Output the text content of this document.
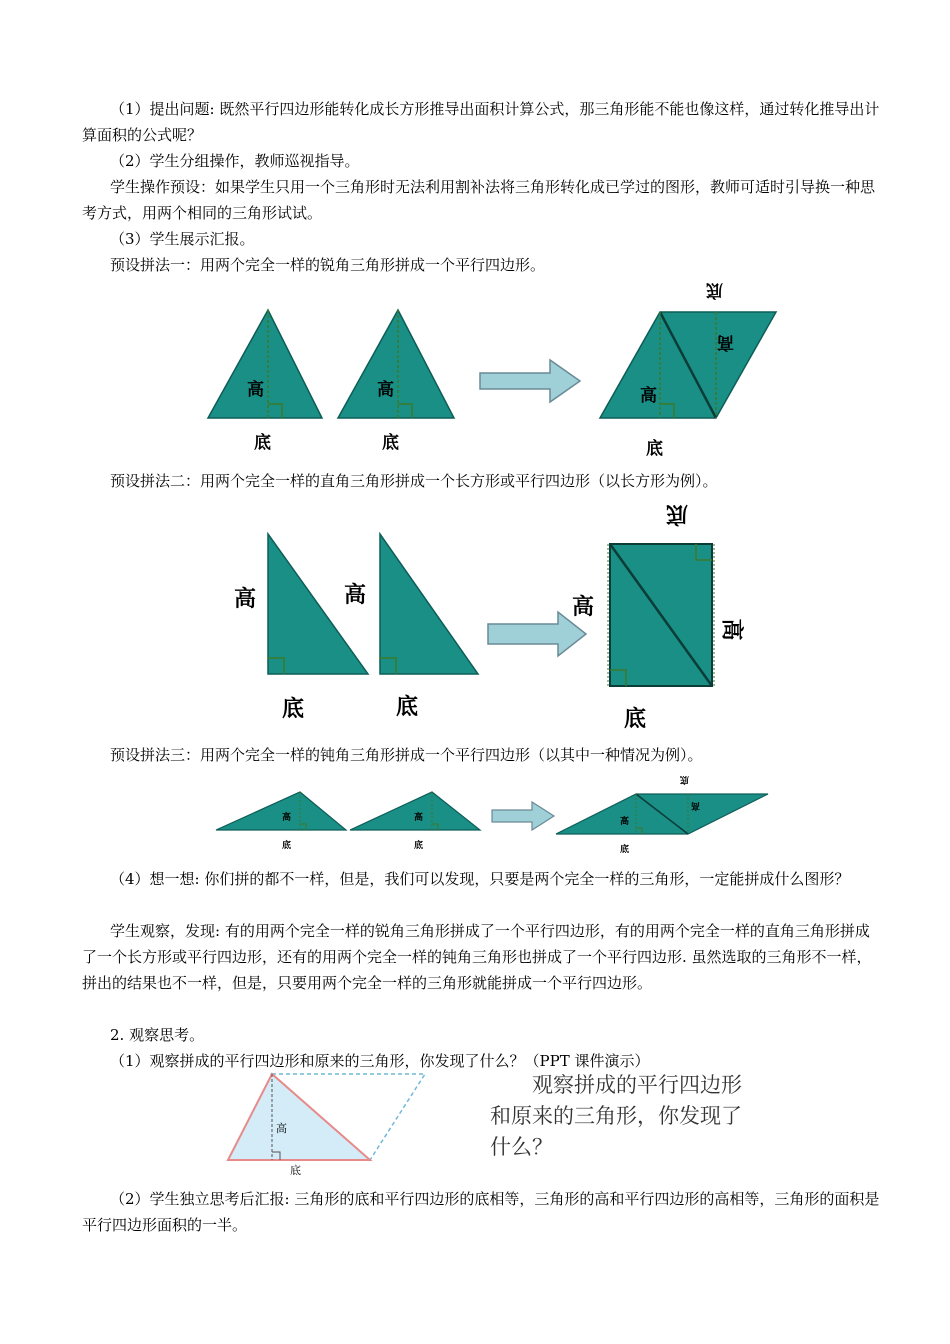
（1）提出问题: 既然平行四边形能转化成长方形推导出面积计算公式，那三角形能不能也像这样，通过转化推导出计算面积的公式呢？

（2）学生分组操作，教师巡视指导。

学生操作预设：如果学生只用一个三角形时无法利用割补法将三角形转化成已学过的图形，教师可适时引导换一种思考方式，用两个相同的三角形试试。

（3）学生展示汇报。

预设拼法一：用两个完全一样的锐角三角形拼成一个平行四边形。

高	高	高
高
底	底	底
底

预设拼法二：用两个完全一样的直角三角形拼成一个长方形或平行四边形（以长方形为例）。

高	高	高
高
底	底	底
底

预设拼法三：用两个完全一样的钝角三角形拼成一个平行四边形（以其中一种情况为例）。

高	高	高
高
底	底	底
底

（4）想一想: 你们拼的都不一样，但是，我们可以发现，只要是两个完全一样的三角形，一定能拼成什么图形？

学生观察，发现: 有的用两个完全一样的锐角三角形拼成了一个平行四边形，有的用两个完全一样的直角三角形拼成了一个长方形或平行四边形，还有的用两个完全一样的钝角三角形也拼成了一个平行四边形. 虽然选取的三角形不一样，拼出的结果也不一样，但是，只要用两个完全一样的三角形就能拼成一个平行四边形。

2. 观察思考。

（1）观察拼成的平行四边形和原来的三角形，你发现了什么？（PPT 课件演示）

高
底
观察拼成的平行四边形
和原来的三角形，你发现了
什么？

（2）学生独立思考后汇报: 三角形的底和平行四边形的底相等，三角形的高和平行四边形的高相等，三角形的面积是平行四边形面积的一半。
